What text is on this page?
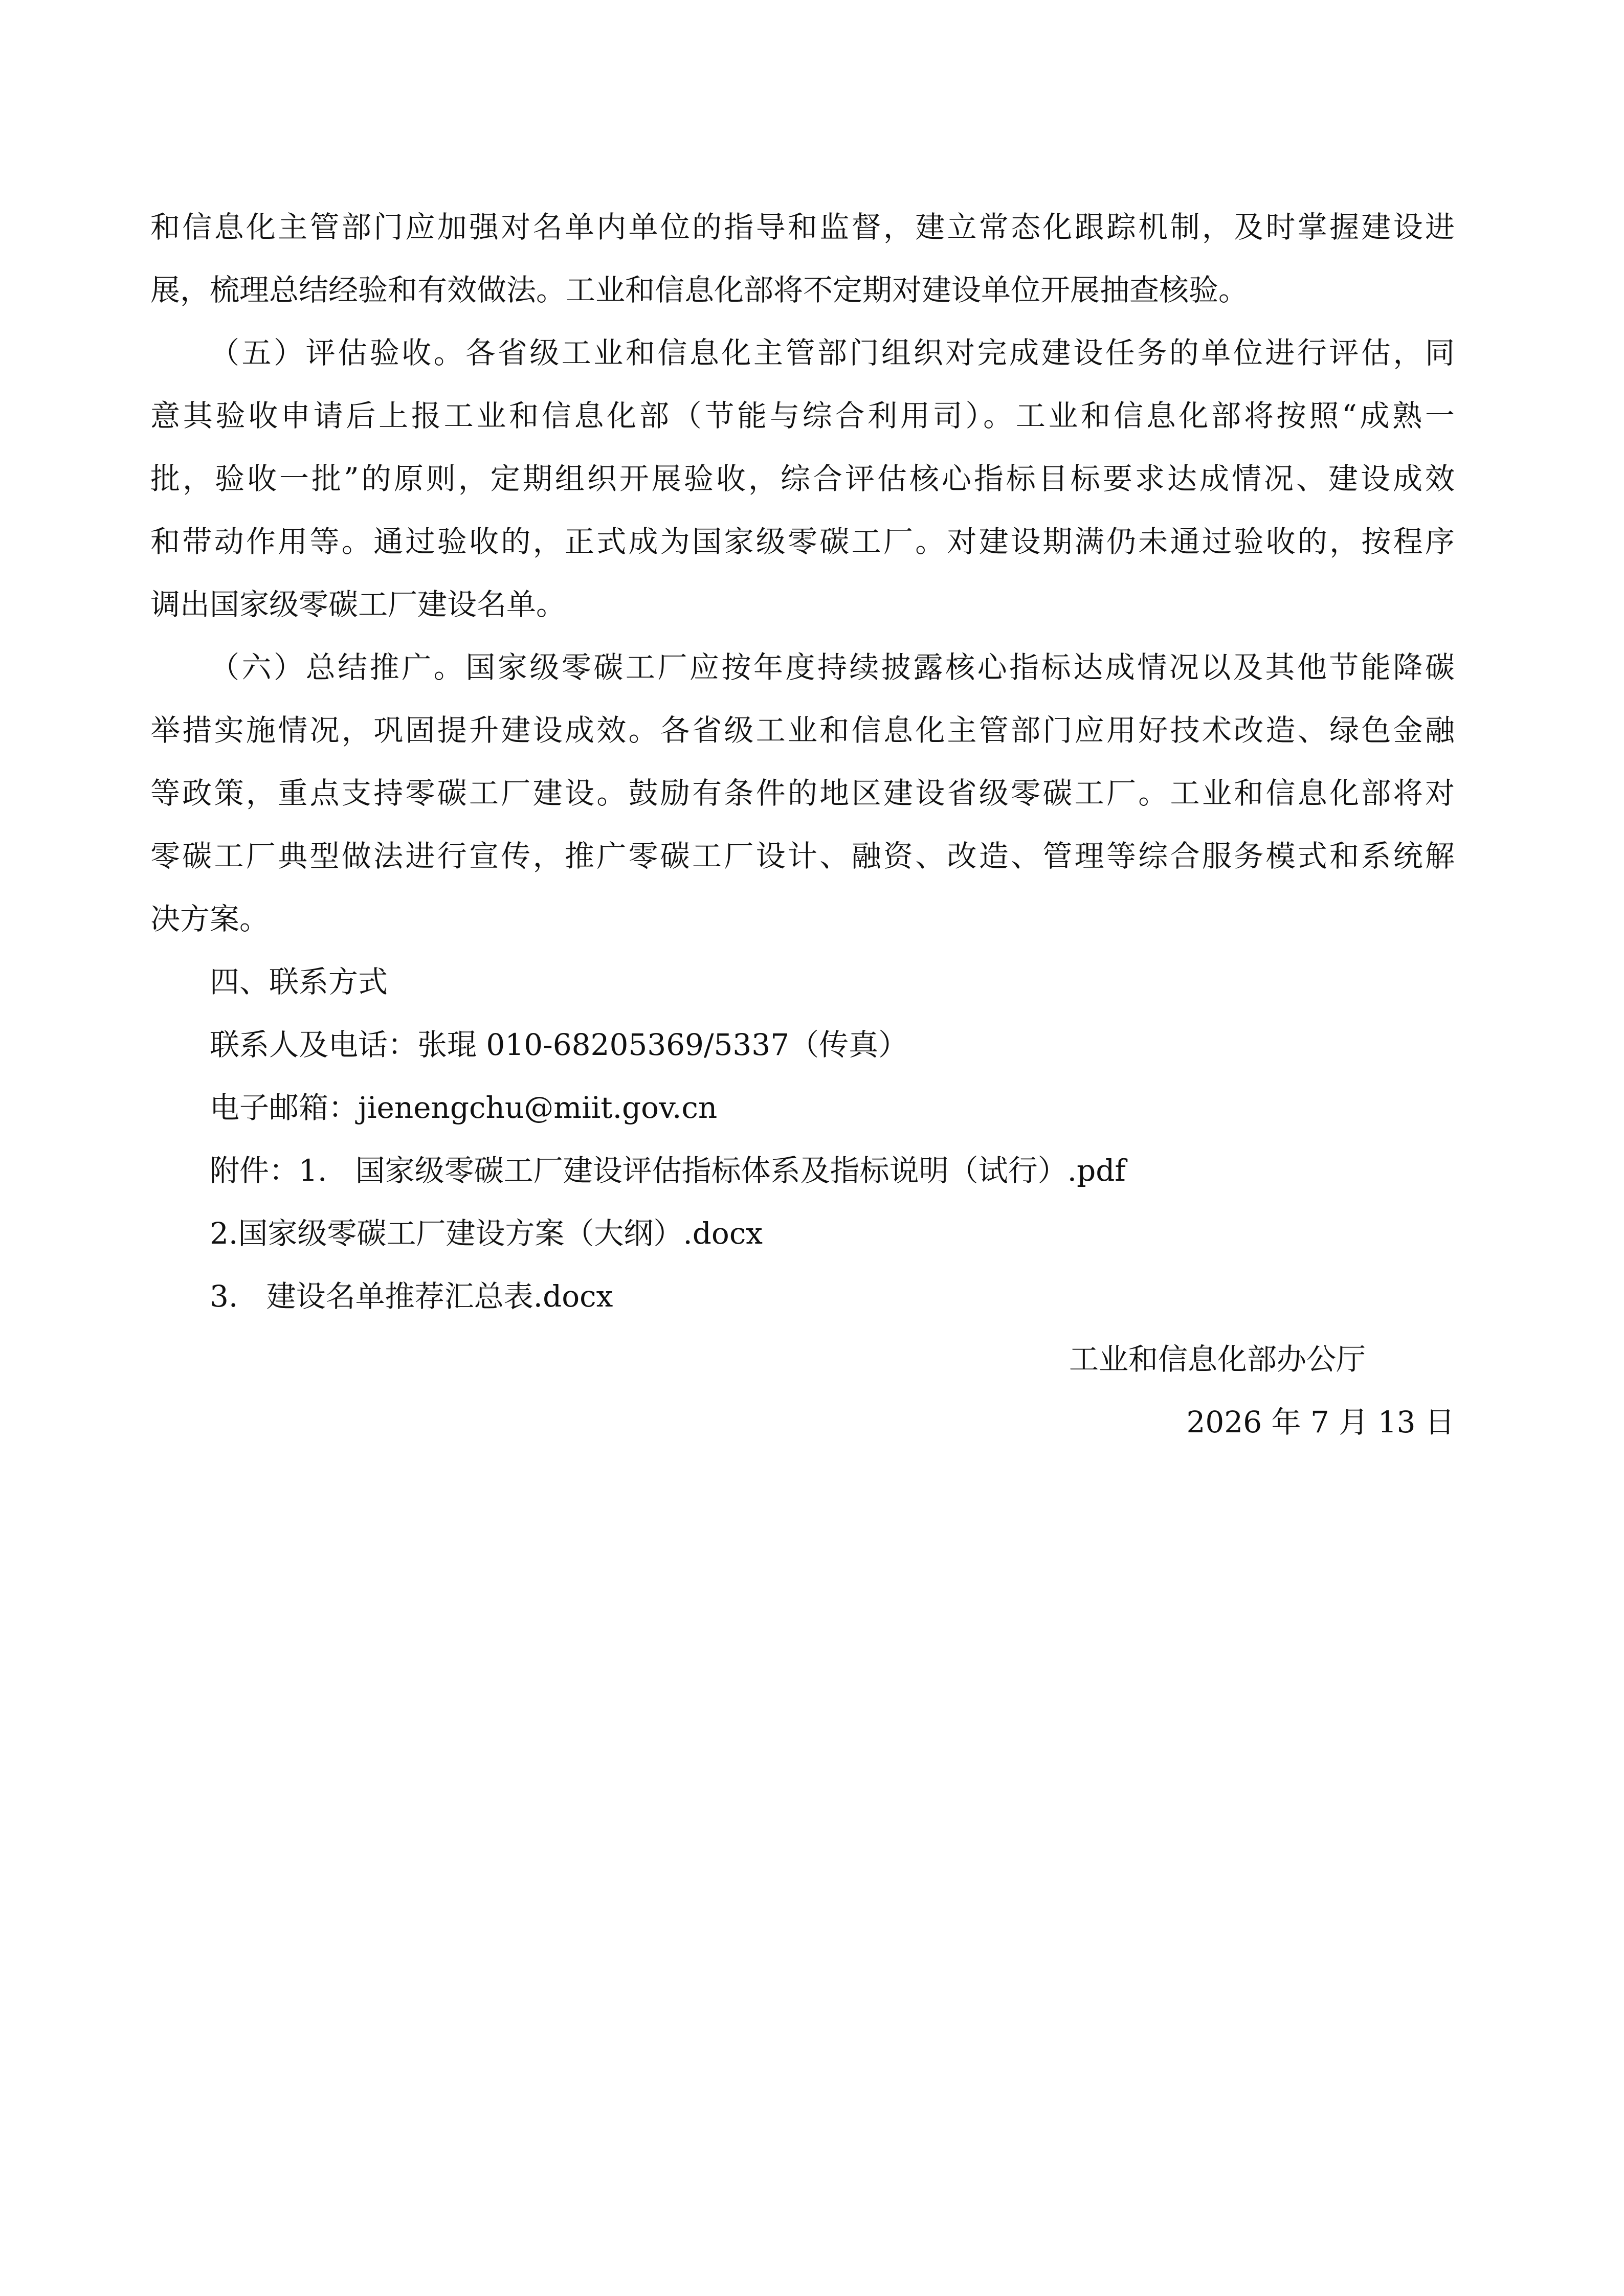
和信息化主管部门应加强对名单内单位的指导和监督，建立常态化跟踪机制，及时掌握建设进
展，梳理总结经验和有效做法。工业和信息化部将不定期对建设单位开展抽查核验。
（五）评估验收。各省级工业和信息化主管部门组织对完成建设任务的单位进行评估，同
意其验收申请后上报工业和信息化部（节能与综合利用司）。工业和信息化部将按照“成熟一
批，验收一批”的原则，定期组织开展验收，综合评估核心指标目标要求达成情况、建设成效
和带动作用等。通过验收的，正式成为国家级零碳工厂。对建设期满仍未通过验收的，按程序
调出国家级零碳工厂建设名单。
（六）总结推广。国家级零碳工厂应按年度持续披露核心指标达成情况以及其他节能降碳
举措实施情况，巩固提升建设成效。各省级工业和信息化主管部门应用好技术改造、绿色金融
等政策，重点支持零碳工厂建设。鼓励有条件的地区建设省级零碳工厂。工业和信息化部将对
零碳工厂典型做法进行宣传，推广零碳工厂设计、融资、改造、管理等综合服务模式和系统解
决方案。
四、联系方式
联系人及电话：张琨 010-68205369/5337（传真）
电子邮箱：jienengchu@miit.gov.cn
附件：1.   国家级零碳工厂建设评估指标体系及指标说明（试行）.pdf
2.国家级零碳工厂建设方案（大纲）.docx
3.   建设名单推荐汇总表.docx
工业和信息化部办公厅
2026 年 7 月 13 日
